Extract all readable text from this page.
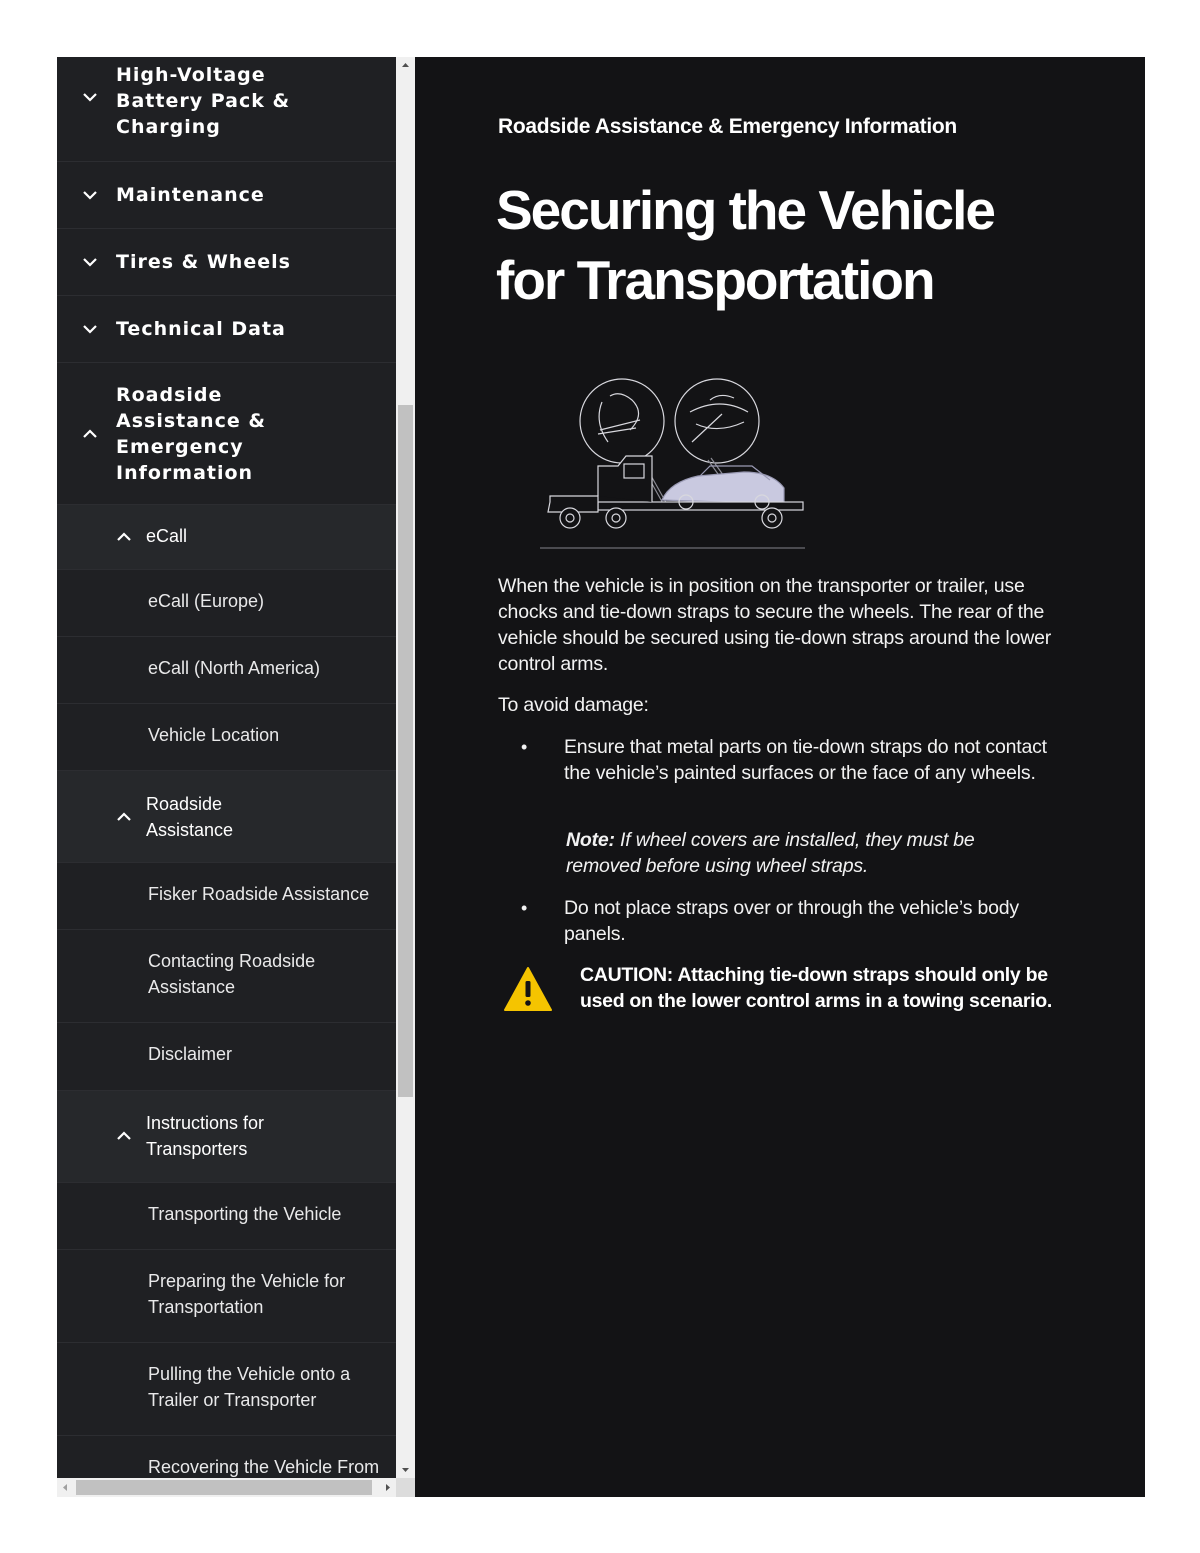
High-Voltage Battery Pack & Charging
Maintenance
Tires & Wheels
Technical Data
Roadside Assistance & Emergency Information
eCall
eCall (Europe)
eCall (North America)
Vehicle Location
Roadside Assistance
Fisker Roadside Assistance
Contacting Roadside Assistance
Disclaimer
Instructions for Transporters
Transporting the Vehicle
Preparing the Vehicle for Transportation
Pulling the Vehicle onto a Trailer or Transporter
Recovering the Vehicle From
Roadside Assistance & Emergency Information
Securing the Vehicle for Transportation

When the vehicle is in position on the transporter or trailer, use chocks and tie-down straps to secure the wheels. The rear of the vehicle should be secured using tie-down straps around the lower control arms.

To avoid damage:

• Ensure that metal parts on tie-down straps do not contact the vehicle’s painted surfaces or the face of any wheels.
Note: If wheel covers are installed, they must be removed before using wheel straps.
• Do not place straps over or through the vehicle’s body panels.
CAUTION: Attaching tie-down straps should only be used on the lower control arms in a towing scenario.
